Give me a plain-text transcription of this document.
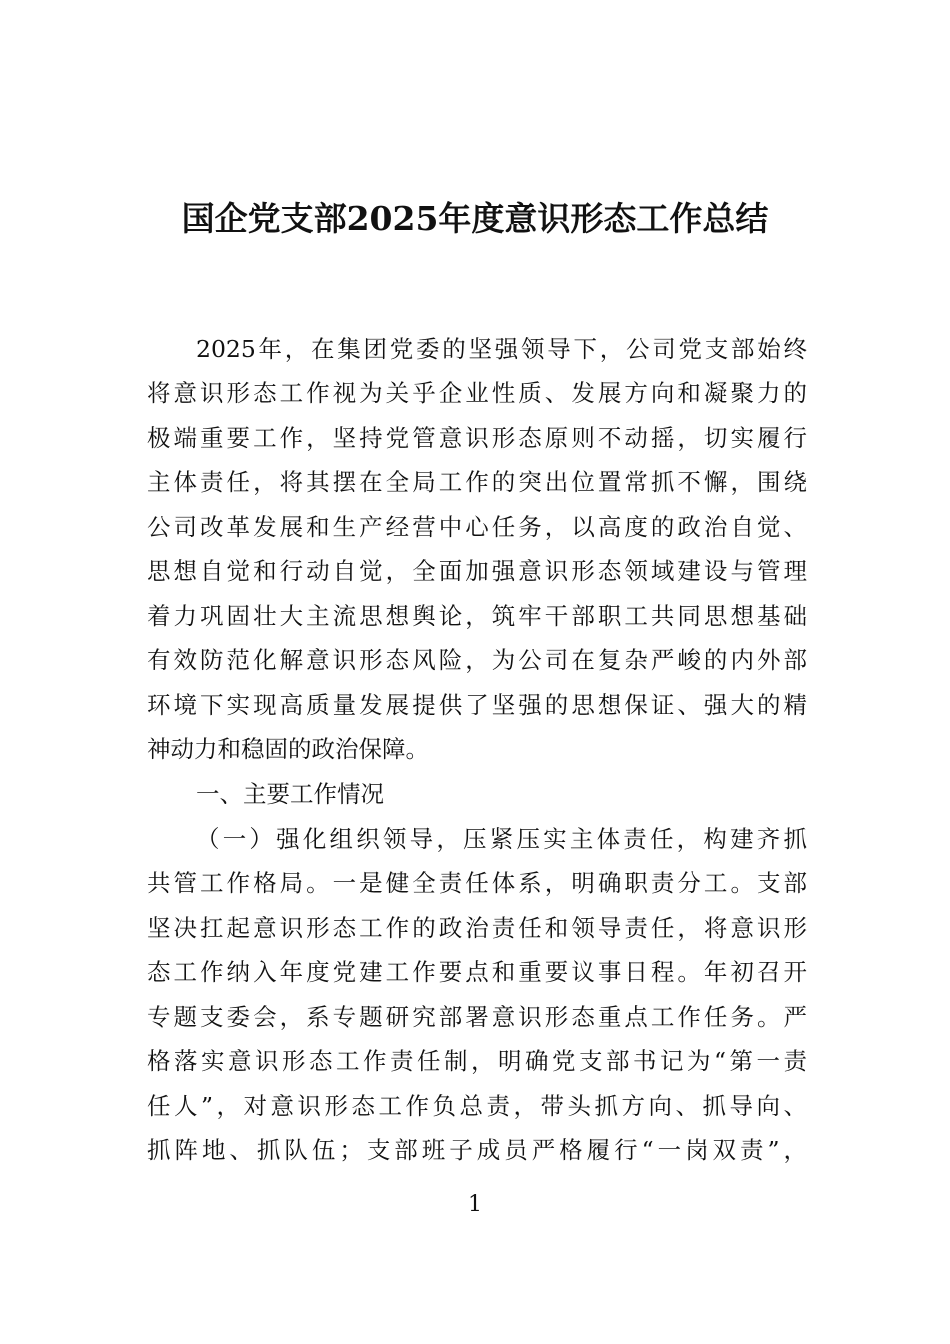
国企党支部2025年度意识形态工作总结
2025年，在集团党委的坚强领导下，公司党支部始终
将意识形态工作视为关乎企业性质、发展方向和凝聚力的
极端重要工作，坚持党管意识形态原则不动摇，切实履行
主体责任，将其摆在全局工作的突出位置常抓不懈，围绕
公司改革发展和生产经营中心任务，以高度的政治自觉、
思想自觉和行动自觉，全面加强意识形态领域建设与管理
着力巩固壮大主流思想舆论，筑牢干部职工共同思想基础
有效防范化解意识形态风险，为公司在复杂严峻的内外部
环境下实现高质量发展提供了坚强的思想保证、强大的精
神动力和稳固的政治保障。
一、主要工作情况
（一）强化组织领导，压紧压实主体责任，构建齐抓
共管工作格局。一是健全责任体系，明确职责分工。支部
坚决扛起意识形态工作的政治责任和领导责任，将意识形
态工作纳入年度党建工作要点和重要议事日程。年初召开
专题支委会，系专题研究部署意识形态重点工作任务。严
格落实意识形态工作责任制，明确党支部书记为“第一责
任人”，对意识形态工作负总责，带头抓方向、抓导向、
抓阵地、抓队伍；支部班子成员严格履行“一岗双责”，
1
